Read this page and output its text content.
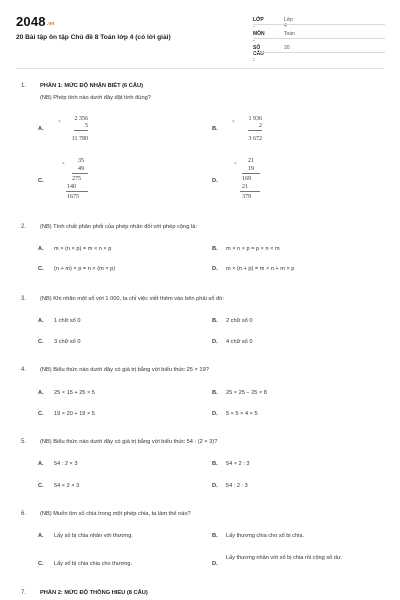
2048.vn
20 Bài tập ôn tập Chủ đề 8 Toán lớp 4 (có lời giải)
LỚP :
Lớp 4
MÔN :
Toán
SỐ CÂU :
20
1. PHẦN 1: MỨC ĐỘ NHẬN BIẾT (6 CÂU)
(NB) Phép tính nào dưới đây đặt tính đúng?
A.
×
2 356
5
11 780
B.
×
1 936
2
3 672
C.
×
35
49
275
140
1675
D.
×
21
19
169
21
379
2. (NB) Tính chất phân phối của phép nhân đối với phép cộng là:
A. m × (n × p) = m × n × p	B. m × n × p = p × n × m
C. (n + m) × p = n × (m × p)	D. m × (n + p) = m × n + m × p
3. (NB) Khi nhân một số với 1 000, ta chỉ việc viết thêm vào bên phải số đó:
A. 1 chữ số 0	B. 2 chữ số 0
C. 3 chữ số 0	D. 4 chữ số 0
4. (NB) Biểu thức nào dưới đây có giá trị bằng với biểu thức 25 × 19?
A. 25 × 15 + 25 × 5	B. 25 × 25 − 25 × 8
C. 19 × 20 + 19 × 5	D. 5 × 5 × 4 × 5
5. (NB) Biểu thức nào dưới đây có giá trị bằng với biểu thức 54 : (2 × 3)?
A. 54 : 2 × 3	B. 54 × 2 : 3
C. 54 × 2 × 3	D. 54 : 2 : 3
6. (NB) Muốn tìm số chia trong một phép chia, ta làm thế nào?
A. Lấy số bị chia nhân với thương.	B. Lấy thương chia cho số bị chia.
C. Lấy số bị chia chia cho thương.	D.
Lấy thương nhân với số bị chia rồi cộng số dư.
7. PHẦN 2: MỨC ĐỘ THÔNG HIỂU (8 CÂU)
